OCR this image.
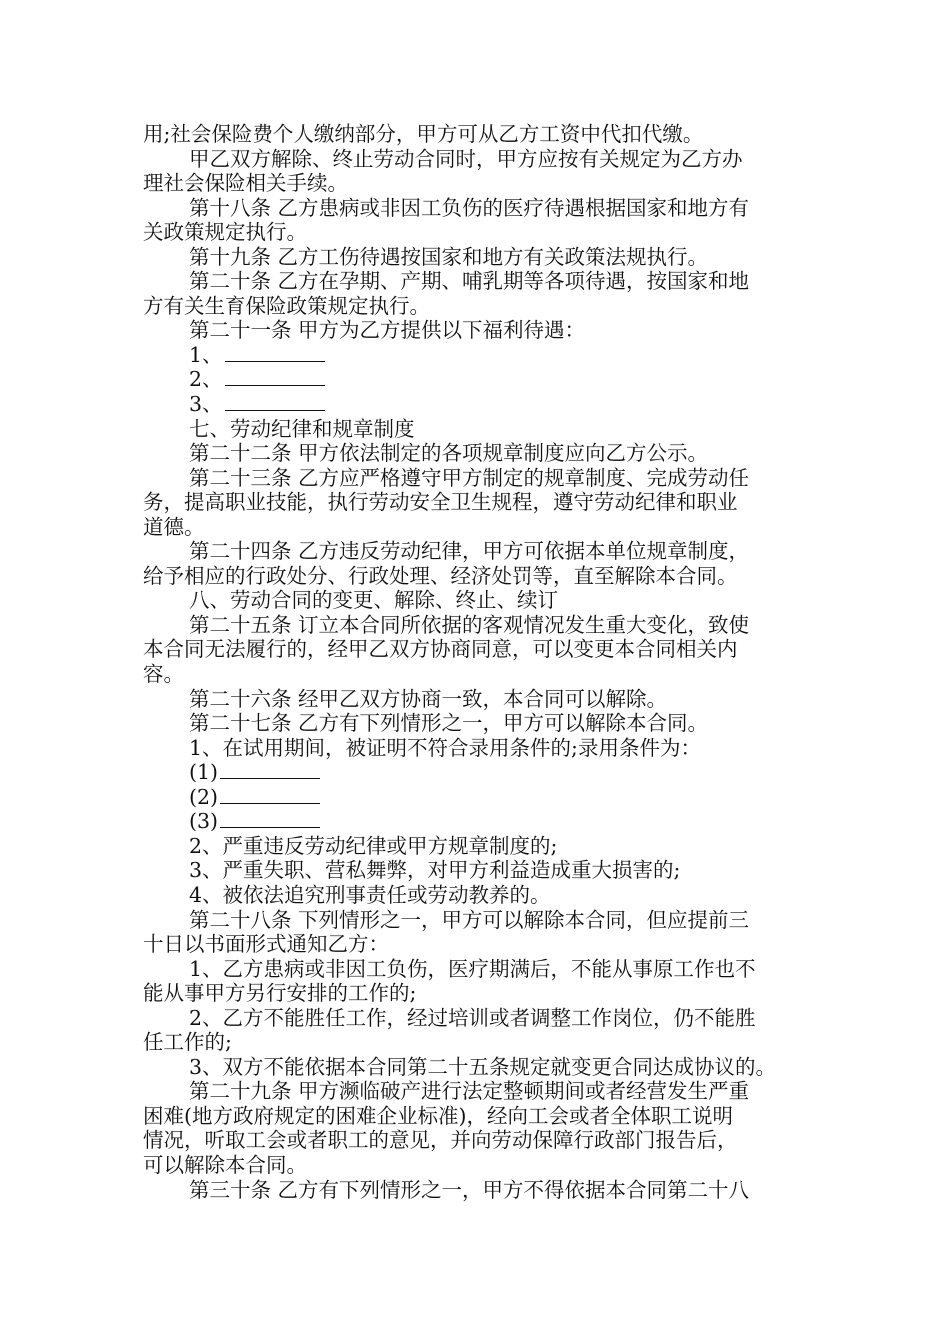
用;社会保险费个人缴纳部分，甲方可从乙方工资中代扣代缴。
甲乙双方解除、终止劳动合同时，甲方应按有关规定为乙方办
理社会保险相关手续。
第十八条 乙方患病或非因工负伤的医疗待遇根据国家和地方有
关政策规定执行。
第十九条 乙方工伤待遇按国家和地方有关政策法规执行。
第二十条 乙方在孕期、产期、哺乳期等各项待遇，按国家和地
方有关生育保险政策规定执行。
第二十一条 甲方为乙方提供以下福利待遇：
1、
2、
3、
七、劳动纪律和规章制度
第二十二条 甲方依法制定的各项规章制度应向乙方公示。
第二十三条 乙方应严格遵守甲方制定的规章制度、完成劳动任
务，提高职业技能，执行劳动安全卫生规程，遵守劳动纪律和职业
道德。
第二十四条 乙方违反劳动纪律，甲方可依据本单位规章制度，
给予相应的行政处分、行政处理、经济处罚等，直至解除本合同。
八、劳动合同的变更、解除、终止、续订
第二十五条 订立本合同所依据的客观情况发生重大变化，致使
本合同无法履行的，经甲乙双方协商同意，可以变更本合同相关内
容。
第二十六条 经甲乙双方协商一致，本合同可以解除。
第二十七条 乙方有下列情形之一，甲方可以解除本合同。
1、在试用期间，被证明不符合录用条件的;录用条件为：
(1)
(2)
(3)
2、严重违反劳动纪律或甲方规章制度的;
3、严重失职、营私舞弊，对甲方利益造成重大损害的;
4、被依法追究刑事责任或劳动教养的。
第二十八条 下列情形之一，甲方可以解除本合同，但应提前三
十日以书面形式通知乙方：
1、乙方患病或非因工负伤，医疗期满后，不能从事原工作也不
能从事甲方另行安排的工作的;
2、乙方不能胜任工作，经过培训或者调整工作岗位，仍不能胜
任工作的;
3、双方不能依据本合同第二十五条规定就变更合同达成协议的。
第二十九条 甲方濒临破产进行法定整顿期间或者经营发生严重
困难(地方政府规定的困难企业标准)，经向工会或者全体职工说明
情况，听取工会或者职工的意见，并向劳动保障行政部门报告后，
可以解除本合同。
第三十条 乙方有下列情形之一，甲方不得依据本合同第二十八
